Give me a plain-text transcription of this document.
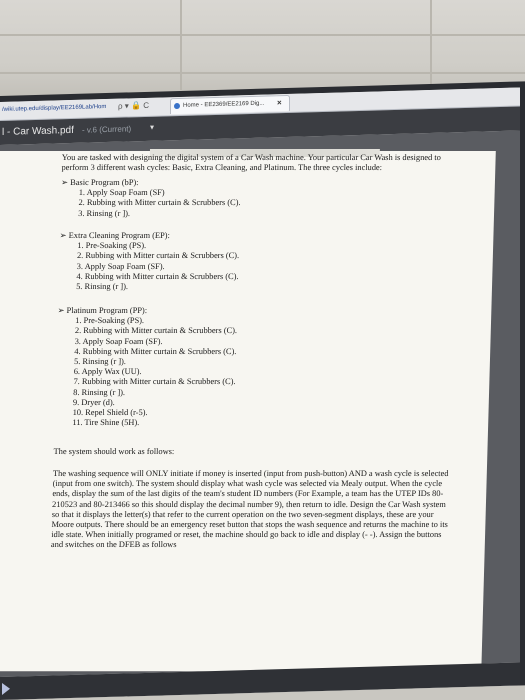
/wiki.utep.edu/display/EE2169Lab/Hom ρ ▾ 🔒 C	Home - EE2369/EE2169 Dig... ×
l - Car Wash.pdf - v.6 (Current) ▾
You are tasked with designing the digital system of a Car Wash machine. Your particular Car Wash is designed to
perform 3 different wash cycles: Basic, Extra Cleaning, and Platinum. The three cycles include:
➢ Basic Program (bP):
1. Apply Soap Foam (SF)
2. Rubbing with Mitter curtain & Scrubbers (C).
3. Rinsing (r ]).
➢ Extra Cleaning Program (EP):
1. Pre-Soaking (PS).
2. Rubbing with Mitter curtain & Scrubbers (C).
3. Apply Soap Foam (SF).
4. Rubbing with Mitter curtain & Scrubbers (C).
5. Rinsing (r ]).
➢ Platinum Program (PP):
1. Pre-Soaking (PS).
2. Rubbing with Mitter curtain & Scrubbers (C).
3. Apply Soap Foam (SF).
4. Rubbing with Mitter curtain & Scrubbers (C).
5. Rinsing (r ]).
6. Apply Wax (UU).
7. Rubbing with Mitter curtain & Scrubbers (C).
8. Rinsing (r ]).
9. Dryer (d).
10. Repel Shield (r-5).
11. Tire Shine (5H).
The system should work as follows:
The washing sequence will ONLY initiate if money is inserted (input from push-button) AND a wash cycle is selected
(input from one switch). The system should display what wash cycle was selected via Mealy output. When the cycle
ends, display the sum of the last digits of the team's student ID numbers (For Example, a team has the UTEP IDs 80-
210523 and 80-213466 so this should display the decimal number 9), then return to idle. Design the Car Wash system
so that it displays the letter(s) that refer to the current operation on the two seven-segment displays, these are your
Moore outputs. There should be an emergency reset button that stops the wash sequence and returns the machine to its
idle state. When initially programed or reset, the machine should go back to idle and display (- -). Assign the buttons
and switches on the DFEB as follows
